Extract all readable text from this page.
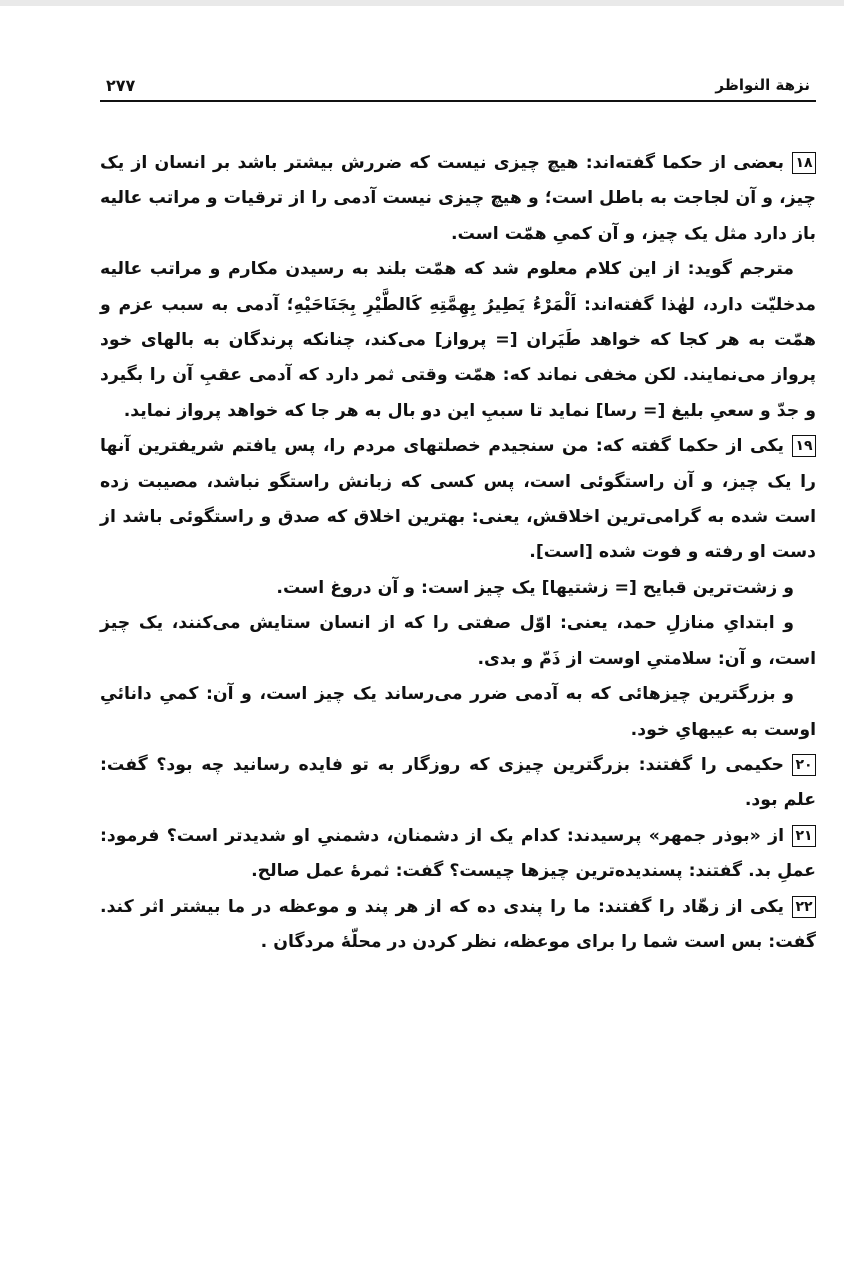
نزهة النواظر
۲۷۷

۱۸بعضی از حکما گفته‌اند: هیچ چیزی نیست که ضررش بیشتر باشد بر انسان از یک چیز، و آن لجاجت به باطل است؛ و هیچ چیزی نیست آدمی را از ترقیات و مراتب عالیه باز دارد مثل یک چیز، و آن کمیِ همّت است.

مترجم گوید: از این کلام معلوم شد که همّت بلند به رسیدن مکارم و مراتب عالیه مدخلیّت دارد، لهٰذا گفته‌اند: اَلْمَرْءُ یَطِیرُ بِهِمَّتِهِ کَالطَّیْرِ بِجَنَاحَیْهِ؛ آدمی به سبب عزم و همّت به هر کجا که خواهد طَیَران [= پرواز] می‌کند، چنانکه پرندگان به بالهای خود پرواز می‌نمایند. لکن مخفی نماند که: همّت وقتی ثمر دارد که آدمی عقبِ آن را بگیرد و جدّ و سعیِ بلیغ [= رسا] نماید تا سببِ این دو بال به هر جا که خواهد پرواز نماید.

۱۹یکی از حکما گفته که: من سنجیدم خصلتهای مردم را، پس یافتم شریفترین آنها را یک چیز، و آن راستگوئی است، پس کسی که زبانش راستگو نباشد، مصیبت زده است شده به گرامی‌ترین اخلاقش، یعنی: بهترین اخلاق که صدق و راستگوئی باشد از دست او رفته و فوت شده [است].

و زشت‌ترین قبایح [= زشتیها] یک چیز است: و آن دروغ است.

و ابتدایِ منازلِ حمد، یعنی: اوّل صفتی را که از انسان ستایش می‌کنند، یک چیز است، و آن: سلامتیِ اوست از ذَمّ و بدی.

و بزرگترین چیزهائی که به آدمی ضرر می‌رساند یک چیز است، و آن: کمیِ دانائیِ اوست به عیبهایِ خود.

۲۰حکیمی را گفتند: بزرگترین چیزی که روزگار به تو فایده رسانید چه بود؟ گفت: علم بود.

۲۱از «بوذر جمهر» پرسیدند: کدام یک از دشمنان، دشمنیِ او شدیدتر است؟ فرمود: عملِ بد. گفتند: پسندیده‌ترین چیزها چیست؟ گفت: ثمرهٔ عمل صالح.

۲۲یکی از زهّاد را گفتند: ما را پندی ده که از هر پند و موعظه در ما بیشتر اثر کند. گفت: بس است شما را برای موعظه، نظر کردن در محلّهٔ مردگان .
